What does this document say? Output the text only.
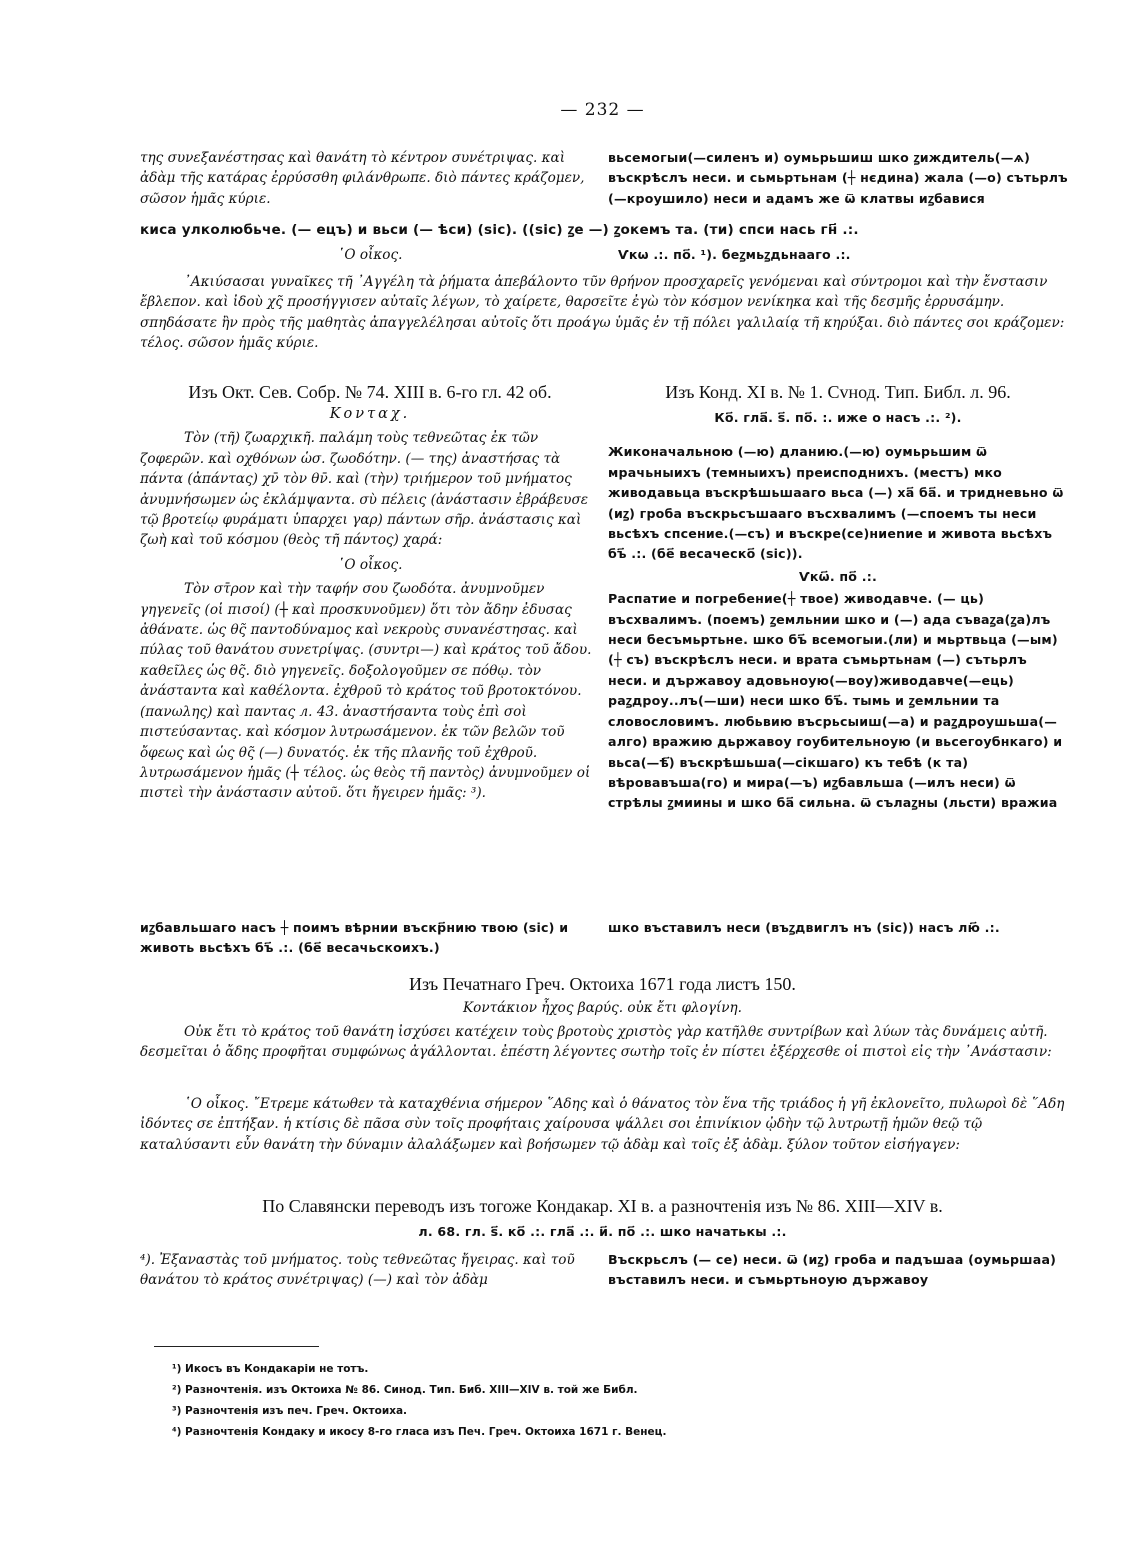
— 232 —

της συνεξανέστησας καὶ θανάτη τὸ κέντρον συνέτριψας. καὶ ἀδὰμ τῆς κατάρας ἐρρύσσθη φιλάνθρωπε. διὸ πάντες κράζομεν, σῶσον ἡμᾶς κύριε.

вьсемогыи(—силенъ и) оумьрьшиш шко ꙁиждитель(—ѧ) въскрѣслъ неси. и сьмьртьнам (┼ нєдина) жала (—о) сътьрлъ (—кроушило) неси и адамъ же ѿ клатвы иꙁбавися

киса улколюбьче. (— ецъ) и вьси (— ѣси) (sic). ((sic) ꙁе —) ꙁокемъ та. (ти) спси нась гн҃ .:.

῾Ο οἶκος.	Ѵкѡ .:. по҃. ¹). бeꙁмьꙁдьнааго .:.

᾿Ακιύσασαι γυναῖκες τῆ ᾿Αγγέλη τὰ ῥήματα ἀπεβάλοντο τῦν θρήνον προσχαρεῖς γενόμεναι καὶ σύντρομοι καὶ τὴν ἔνστασιν ἔβλεπον. καὶ ἰδοὺ χς̃ προσήγγισεν αὐταῖς λέγων, τὸ χαίρετε, θαρσεῖτε ἐγὼ τὸν κόσμον νενίκηκα καὶ τῆς δεσμῆς ἐρρυσάμην. σπηδάσατε ἢν πρὸς τῆς μαθητὰς ἀπαγγελέλησαι αὐτοῖς ὅτι προάγω ὑμᾶς ἐν τῇ πόλει γαλιλαίᾳ τῆ κηρύξαι. διὸ πάντες σοι κράζομεν: τέλος. σῶσον ἡμᾶς κύριε.

Изъ Окт. Сев. Собр. № 74. XIII в. 6-го гл. 42 об.

Κονταχ.

Τὸν (τῆ) ζωαρχικῆ. παλάμη τοὺς τεθνεῶτας ἐκ τῶν ζοφερῶν. καὶ οχθόνων ὡσ. ζωοδότην. (— της) ἀναστήσας τὰ πάντα (ἀπάντας) χν̄ τὸν θν̄. καὶ (τὴν) τριήμερον τοῦ μνήματος ἀνυμνήσωμεν ὡς ἐκλάμψαντα. σὺ πέλεις (ἀνάστασιν ἐβράβευσε τῷ βροτείῳ φυράματι ὑπαρχει γαρ) πάντων σῆρ. ἀνάστασις καὶ ζωὴ καὶ τοῦ κόσμου (θεὸς τῆ πάντος) χαρά:

῾Ο οἶκος.

Τὸν στ̄ρον καὶ τὴν ταφήν σου ζωοδότα. ἀνυμνοῦμεν γηγενεῖς (οἱ πισοί) (┼ καὶ προσκυνοῦμεν) ὅτι τὸν ἄδην ἐδυσας ἀθάνατε. ὡς θς̃ παντοδύναμος καὶ νεκροὺς συνανέστησας. καὶ πύλας τοῦ θανάτου συνετρίψας. (συντρι—) καὶ κράτος τοῦ ἄδου. καθεῖλες ὡς θς̃. διὸ γηγενεῖς. δοξολογοῦμεν σε πόθῳ. τὸν ἀνάσταντα καὶ καθέλοντα. ἐχθροῦ τὸ κράτος τοῦ βροτοκτόνου. (πανωλης) καὶ παντας л. 43. ἀναστήσαντα τοὺς ἐπὶ σοὶ πιστεύσαντας. καὶ κόσμον λυτρωσάμενον. ἐκ τῶν βελῶν τοῦ ὄφεως καὶ ὡς θς̃ (—) δυνατός. ἐκ τῆς πλανῆς τοῦ ἐχθροῦ. λυτρωσάμενον ἡμᾶς (┼ τέλος. ὡς θεὸς τῆ παντὸς) ἀνυμνοῦμεν οἱ πιστεὶ τὴν ἀνάστασιν αὐτοῦ. ὅτι ἤγειρεν ἡμᾶς: ³).

Изъ Конд. XI в. № 1. Сvнод. Тип. Библ. л. 96.

Ко҃. гла҃. ѕ҃. по҃. :. иже о насъ .:. ²).

Жиконачальною (—ю) дланию.(—ю) оумьрьшим ѿ мрачьныихъ (темныихъ) преисподнихъ. (местъ) мко живодавьца въскрѣшьшааго вьса (—) ха҃ ба҃. и тридневьно ѿ (иꙁ) гроба въскрьсъшааго въсхвалимъ (—споемъ ты неси вьсѣхъ спсение.(—съ) и въскре(се)ниеnие и живота вьсѣхъ бъ҃ .:. (бе҃ весаческо҃ (sic)).

Ѵкѡ҃. по҃ .:.

Распатие и погребение(┼ твое) живодавче. (— ць) въсхвалимъ. (поемъ) ꙁемльнии шко и (—) ада съваꙁа(ꙁа)лъ неси бесъмьртьне. шко бъ҃ всемогыи.(ли) и мьртвьца (—ым) (┼ съ) въскрѣслъ неси. и врата съмьртьнам (—) сътьрлъ неси. и държавоу адовьноую(—воу)живодавче(—ець) раꙁдроу..лъ(—ши) неси шко бъ҃. тымь и ꙁемльнии та словословимъ. любьвию въсрьсыиш(—а) и раꙁдроушьша(—алго) вражию дьржавоу гоубительноую (и вьсегоубнкаго) и вьса(—ѣ҃) въскрѣшьша(—сiкшаго) къ тебѣ (к та) вѣровавъша(го) и мира(—ъ) иꙁбавльша (—илъ неси) ѿ стрѣлы ꙁмиины и шко ба҃ сильна. ѿ сълаꙁны (льсти) вражиа

иꙁбавльшаго насъ ┼ поимъ вѣрнии въскр҃нию твою (sic) и животь вьсѣхъ бъ҃ .:. (бе҃ весачьскоихъ.)

шко въставилъ неси (въꙁдвиглъ нъ (sic)) насъ лю҃ .:.

Изъ Печатнаго Греч. Октоиха 1671 года листъ 150.

Κοντάκιον ἦχος βαρύς. οὐκ ἔτι φλογίνη.

Οὐκ ἔτι τὸ κράτος τοῦ θανάτη ἰσχύσει κατέχειν τοὺς βροτοὺς χριστὸς γὰρ κατῆλθε συντρίβων καὶ λύων τὰς δυνάμεις αὐτῆ. δεσμεῖται ὁ ἄδης προφῆται συμφώνως ἀγάλλονται. ἐπέστη λέγοντες σωτὴρ τοῖς ἐν πίστει ἐξέρχεσθε οἱ πιστοὶ εἰς τὴν ᾿Ανάστασιν:

῾Ο οἶκος. ῎Ετρεμε κάτωθεν τὰ καταχθένια σήμερον ῞Αδης καὶ ὁ θάνατος τὸν ἕνα τῆς τριάδος ἡ γῆ ἐκλονεῖτο, πυλωροὶ δὲ ῞Αδη ἰδόντες σε ἐπτήξαν. ἡ κτίσις δὲ πᾶσα σὺν τοῖς προφήταις χαίρουσα ψάλλει σοι ἐπινίκιον ᾠδὴν τῷ λυτρωτῇ ἡμῶν θεῷ τῷ καταλύσαντι εὖν θανάτη τὴν δύναμιν ἀλαλάξωμεν καὶ βοήσωμεν τῷ ἀδὰμ καὶ τοῖς ἐξ ἀδὰμ. ξύλον τοῦτον εἰσήγαγεν:

По Славянски переводъ изъ тогоже Кондакар. XI в. а разночтенія изъ № 86. XIII—XIV в.

л. 68. гл. ѕ҃. ко҃ .:. гла҃ .:. и҃. по҃ .:. шко начатькы .:.

⁴). Ἐξαναστὰς τοῦ μνήματος. τοὺς τεθνεῶτας ἤγειρας. καὶ τοῦ θανάτου τὸ κράτος συνέτριψας) (—) καὶ τὸν ἀδὰμ

Въскрьслъ (— се) неси. ѿ (иꙁ) гроба и падъшаа (оумьршаа) въставилъ неси. и съмьртьноую държавоу

¹) Икосъ въ Кондакаріи не тотъ.
²) Разночтенія. изъ Октоиха № 86. Синод. Тип. Биб. XIII—XIV в. той же Библ.
³) Разночтенія изъ печ. Греч. Октоиха.
⁴) Разночтенія Кондаку и икосу 8-го гласа изъ Печ. Греч. Октоиха 1671 г. Венец.
